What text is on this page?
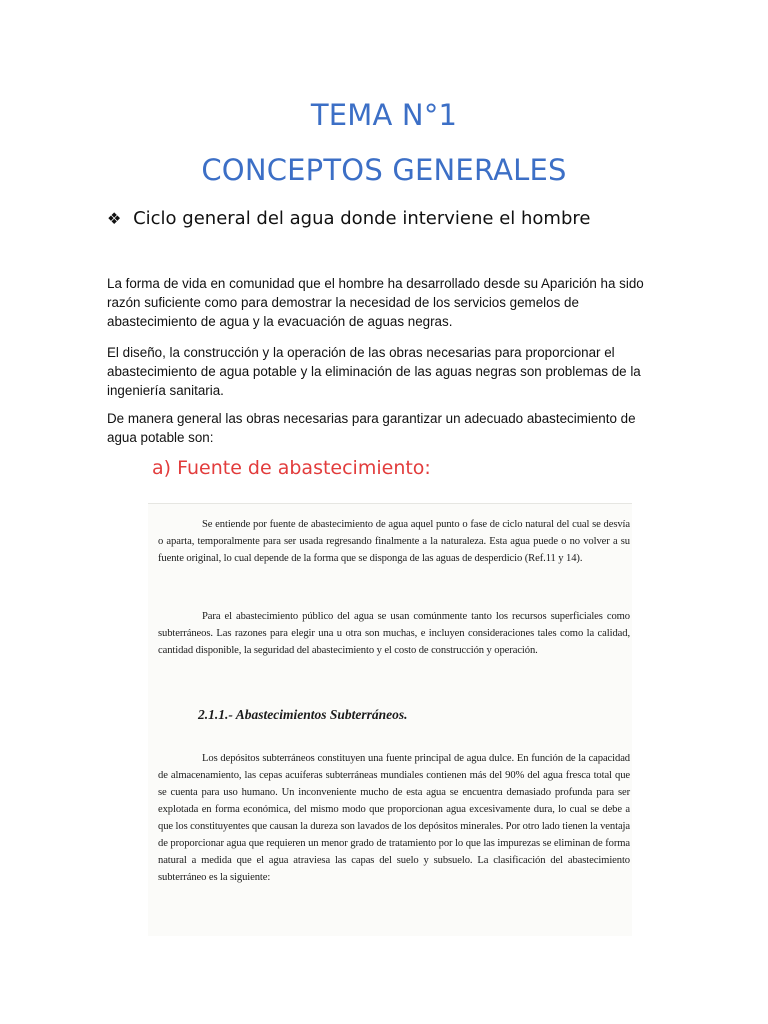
TEMA N°1
CONCEPTOS GENERALES
❖ Ciclo general del agua donde interviene el hombre

La forma de vida en comunidad que el hombre ha desarrollado desde su Aparición ha sido razón suficiente como para demostrar la necesidad de los servicios gemelos de abastecimiento de agua y la evacuación de aguas negras.

El diseño, la construcción y la operación de las obras necesarias para proporcionar el abastecimiento de agua potable y la eliminación de las aguas negras son problemas de la ingeniería sanitaria.

De manera general las obras necesarias para garantizar un adecuado abastecimiento de agua potable son:

a) Fuente de abastecimiento:

Se entiende por fuente de abastecimiento de agua aquel punto o fase de ciclo natural del cual se desvía o aparta, temporalmente para ser usada regresando finalmente a la naturaleza. Esta agua puede o no volver a su fuente original, lo cual depende de la forma que se disponga de las aguas de desperdicio (Ref.11 y 14).

Para el abastecimiento público del agua se usan comúnmente tanto los recursos superficiales como subterráneos. Las razones para elegir una u otra son muchas, e incluyen consideraciones tales como la calidad, cantidad disponible, la seguridad del abastecimiento y el costo de construcción y operación.

2.1.1.- Abastecimientos Subterráneos.

Los depósitos subterráneos constituyen una fuente principal de agua dulce. En función de la capacidad de almacenamiento, las cepas acuíferas subterráneas mundiales contienen más del 90% del agua fresca total que se cuenta para uso humano. Un inconveniente mucho de esta agua se encuentra demasiado profunda para ser explotada en forma económica, del mismo modo que proporcionan agua excesivamente dura, lo cual se debe a que los constituyentes que causan la dureza son lavados de los depósitos minerales. Por otro lado tienen la ventaja de proporcionar agua que requieren un menor grado de tratamiento por lo que las impurezas se eliminan de forma natural a medida que el agua atraviesa las capas del suelo y subsuelo. La clasificación del abastecimiento subterráneo es la siguiente:
